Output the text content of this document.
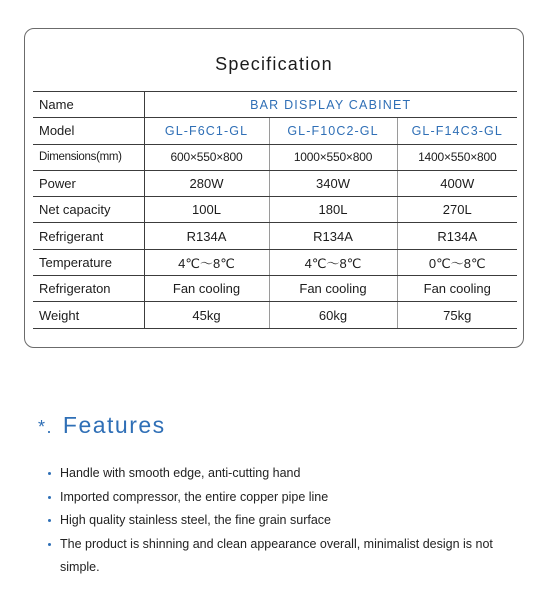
Specification
Name	BAR DISPLAY CABINET		
Model	GL-F6C1-GL	GL-F10C2-GL	GL-F14C3-GL
Dimensions(mm)	600×550×800	1000×550×800	1400×550×800
Power	280W	340W	400W
Net capacity	100L	180L	270L
Refrigerant	R134A	R134A	R134A
Temperature	4℃～8℃	4℃～8℃	0℃～8℃
Refrigeraton	Fan cooling	Fan cooling	Fan cooling
Weight	45kg	60kg	75kg
*. Features
Handle with smooth edge, anti-cutting hand
Imported compressor, the entire copper pipe line
High quality stainless steel, the fine grain surface
The product is shinning and clean appearance overall, minimalist design is not simple.
